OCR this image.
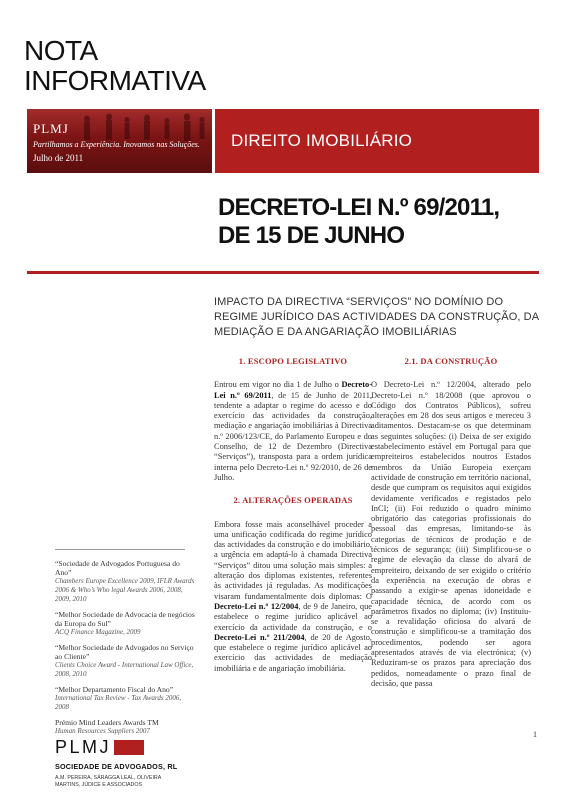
NOTA
INFORMATIVA
PLMJ
Partilhamos a Experiência. Inovamos nas Soluções.
Julho de 2011
DIREITO IMOBILIÁRIO
DECRETO-LEI N.º 69/2011,
DE 15 DE JUNHO

IMPACTO DA DIRECTIVA “SERVIÇOS” NO DOMÍNIO DO REGIME JURÍDICO DAS ACTIVIDADES DA CONSTRUÇÃO, DA MEDIAÇÃO E DA ANGARIAÇÃO IMOBILIÁRIAS

1. ESCOPO LEGISLATIVO

Entrou em vigor no dia 1 de Julho o Decreto-Lei n.º 69/2011, de 15 de Junho de 2011, tendente a adaptar o regime do acesso e do exercício das actividades da construção, mediação e angariação imobiliárias à Directiva n.º 2006/123/CE, do Parlamento Europeu e do Conselho, de 12 de Dezembro (Directiva “Serviços”), transposta para a ordem jurídica interna pelo Decreto-Lei n.º 92/2010, de 26 de Julho.

2. ALTERAÇÕES OPERADAS

Embora fosse mais aconselhável proceder a uma unificação codificada do regime jurídico das actividades da construção e do imobiliário, a urgência em adaptá-lo à chamada Directiva “Serviços” ditou uma solução mais simples: a alteração dos diplomas existentes, referentes às actividades já reguladas. As modificações visaram fundamentalmente dois diplomas: O Decreto-Lei n.º 12/2004, de 9 de Janeiro, que estabelece o regime jurídico aplicável ao exercício da actividade da construção, e o Decreto-Lei n.º 211/2004, de 20 de Agosto, que estabelece o regime jurídico aplicável ao exercício das actividades de mediação imobiliária e de angariação imobiliária.

2.1. DA CONSTRUÇÃO

O Decreto-Lei n.º 12/2004, alterado pelo Decreto-Lei n.º 18/2008 (que aprovou o Código dos Contratos Públicos), sofreu alterações em 28 dos seus artigos e mereceu 3 aditamentos. Destacam-se os que determinam as seguintes soluções: (i) Deixa de ser exigido estabelecimento estável em Portugal para que empreiteiros estabelecidos noutros Estados membros da União Europeia exerçam actividade de construção em território nacional, desde que cumpram os requisitos aqui exigidos devidamente verificados e registados pelo InCI; (ii) Foi reduzido o quadro mínimo obrigatório das categorias profissionais do pessoal das empresas, limitando-se às categorias de técnicos de produção e de técnicos de segurança; (iii) Simplificou-se o regime de elevação da classe do alvará de empreiteiro, deixando de ser exigido o critério da experiência na execução de obras e passando a exigir-se apenas idoneidade e capacidade técnica, de acordo com os parâmetros fixados no diploma; (iv) Instituiu-se a revalidação oficiosa do alvará de construção e simplificou-se a tramitação dos procedimentos, podendo ser agora apresentados através de via electrónica; (v) Reduziram-se os prazos para apreciação dos pedidos, nomeadamente o prazo final de decisão, que passa

“Sociedade de Advogados Portuguesa do Ano”
Chambers Europe Excellence 2009, IFLR Awards 2006 & Who’s Who legal Awards 2006, 2008, 2009, 2010
“Melhor Sociedade de Advocacia de negócios da Europa do Sul”
ACQ Finance Magazine, 2009
“Melhor Sociedade de Advogados no Serviço ao Cliente”
Clients Choice Award - International Law Office, 2008, 2010
“Melhor Departamento Fiscal do Ano”
International Tax Review - Tax Awards 2006, 2008
Prémio Mind Leaders Awards TM
Human Resources Suppliers 2007
PLMJ
SOCIEDADE DE ADVOGADOS, RL
A.M. PEREIRA, SÁRAGGA LEAL, OLIVEIRA MARTINS, JÚDICE E ASSOCIADOS
1
